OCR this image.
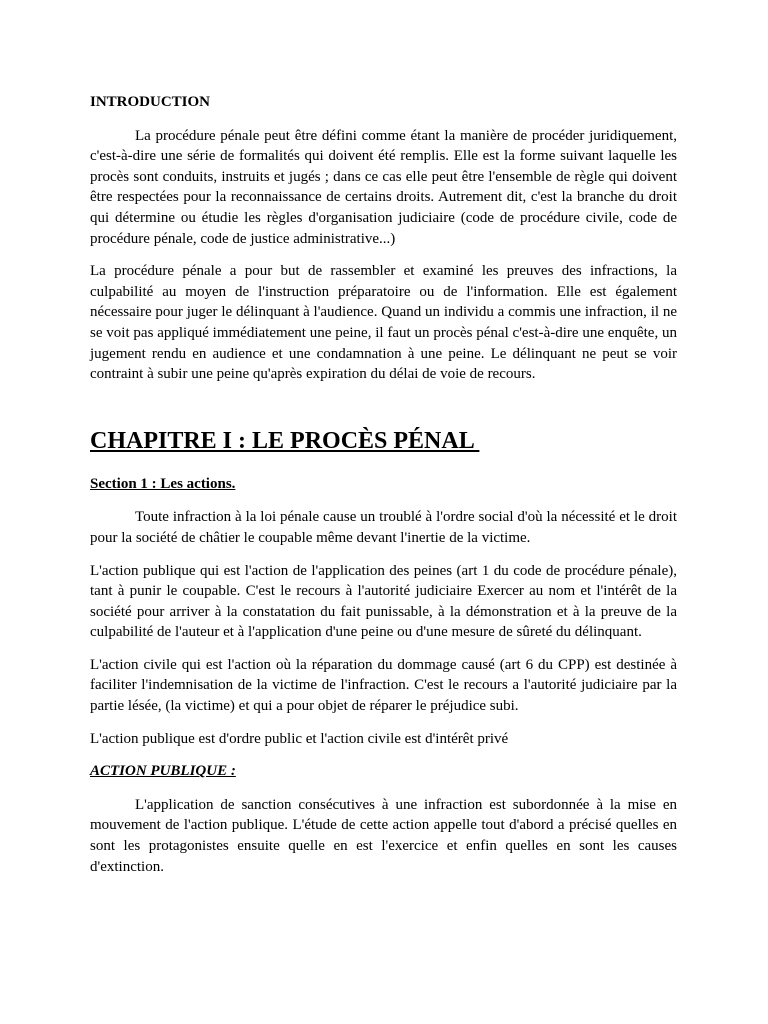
INTRODUCTION

La procédure pénale peut être défini comme étant la manière de procéder juridiquement, c'est-à-dire une série de formalités qui doivent été remplis. Elle est la forme suivant laquelle les procès sont conduits, instruits et jugés ; dans ce cas elle peut être l'ensemble de règle qui doivent être respectées pour la reconnaissance de certains droits. Autrement dit, c'est la branche du droit qui détermine ou étudie les règles d'organisation judiciaire (code de procédure civile, code de procédure pénale, code de justice administrative...)

La procédure pénale a pour but de rassembler et examiné les preuves des infractions, la culpabilité au moyen de l'instruction préparatoire ou de l'information. Elle est également nécessaire pour juger le délinquant à l'audience. Quand un individu a commis une infraction, il ne se voit pas appliqué immédiatement une peine, il faut un procès pénal c'est-à-dire une enquête, un jugement rendu en audience et une condamnation à une peine. Le délinquant ne peut se voir contraint à subir une peine qu'après expiration du délai de voie de recours.

CHAPITRE I : LE PROCÈS PÉNAL
Section 1 : Les actions.

Toute infraction à la loi pénale cause un troublé à l'ordre social d'où la nécessité et le droit pour la société de châtier le coupable même devant l'inertie de la victime.

L'action publique qui est l'action de l'application des peines (art 1 du code de procédure pénale), tant à punir le coupable. C'est le recours à l'autorité judiciaire Exercer au nom et l'intérêt de la société pour arriver à la constatation du fait punissable, à la démonstration et à la preuve de la culpabilité de l'auteur et à l'application d'une peine ou d'une mesure de sûreté du délinquant.

L'action civile qui est l'action où la réparation du dommage causé (art 6 du CPP) est destinée à faciliter l'indemnisation de la victime de l'infraction. C'est le recours a l'autorité judiciaire par la partie lésée, (la victime) et qui a pour objet de réparer le préjudice subi.

L'action publique est d'ordre public et l'action civile est d'intérêt privé

ACTION PUBLIQUE :

L'application de sanction consécutives à une infraction est subordonnée à la mise en mouvement de l'action publique. L'étude de cette action appelle tout d'abord a précisé quelles en sont les protagonistes ensuite quelle en est l'exercice et enfin quelles en sont les causes d'extinction.
